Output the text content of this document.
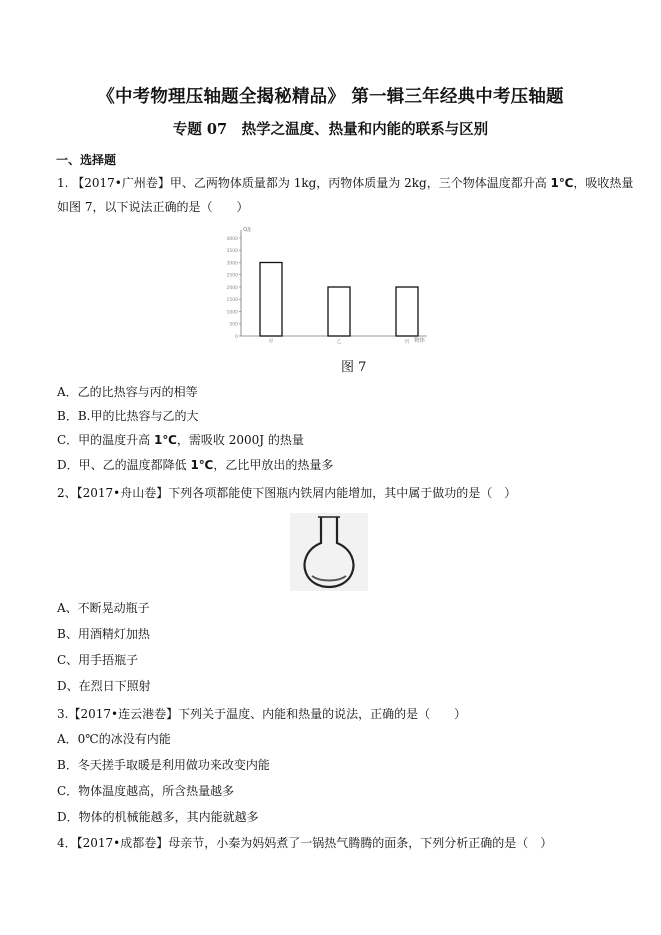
《中考物理压轴题全揭秘精品》 第一辑三年经典中考压轴题
专题 07　热学之温度、热量和内能的联系与区别
一、选择题
1. 【2017•广州卷】甲、乙两物体质量都为 1kg，丙物体质量为 2kg，三个物体温度都升高 1℃，吸收热量
如图 7，以下说法正确的是（　　）
Q/J
0
500
1000
1500
2000
2500
3000
3500
4000
甲	乙	丙 物体
图 7
A．乙的比热容与丙的相等
B．B.甲的比热容与乙的大
C．甲的温度升高 1℃，需吸收 2000J 的热量
D．甲、乙的温度都降低 1℃，乙比甲放出的热量多
2、【2017•舟山卷】下列各项都能使下图瓶内铁屑内能增加，其中属于做功的是（　）
A、不断晃动瓶子
B、用酒精灯加热
C、用手捂瓶子
D、在烈日下照射
3.【2017•连云港卷】下列关于温度、内能和热量的说法，正确的是（　　）
A．0℃的冰没有内能
B．冬天搓手取暖是利用做功来改变内能
C．物体温度越高，所含热量越多
D．物体的机械能越多，其内能就越多
4．【2017•成都卷】母亲节，小秦为妈妈煮了一锅热气腾腾的面条，下列分析正确的是（　）
